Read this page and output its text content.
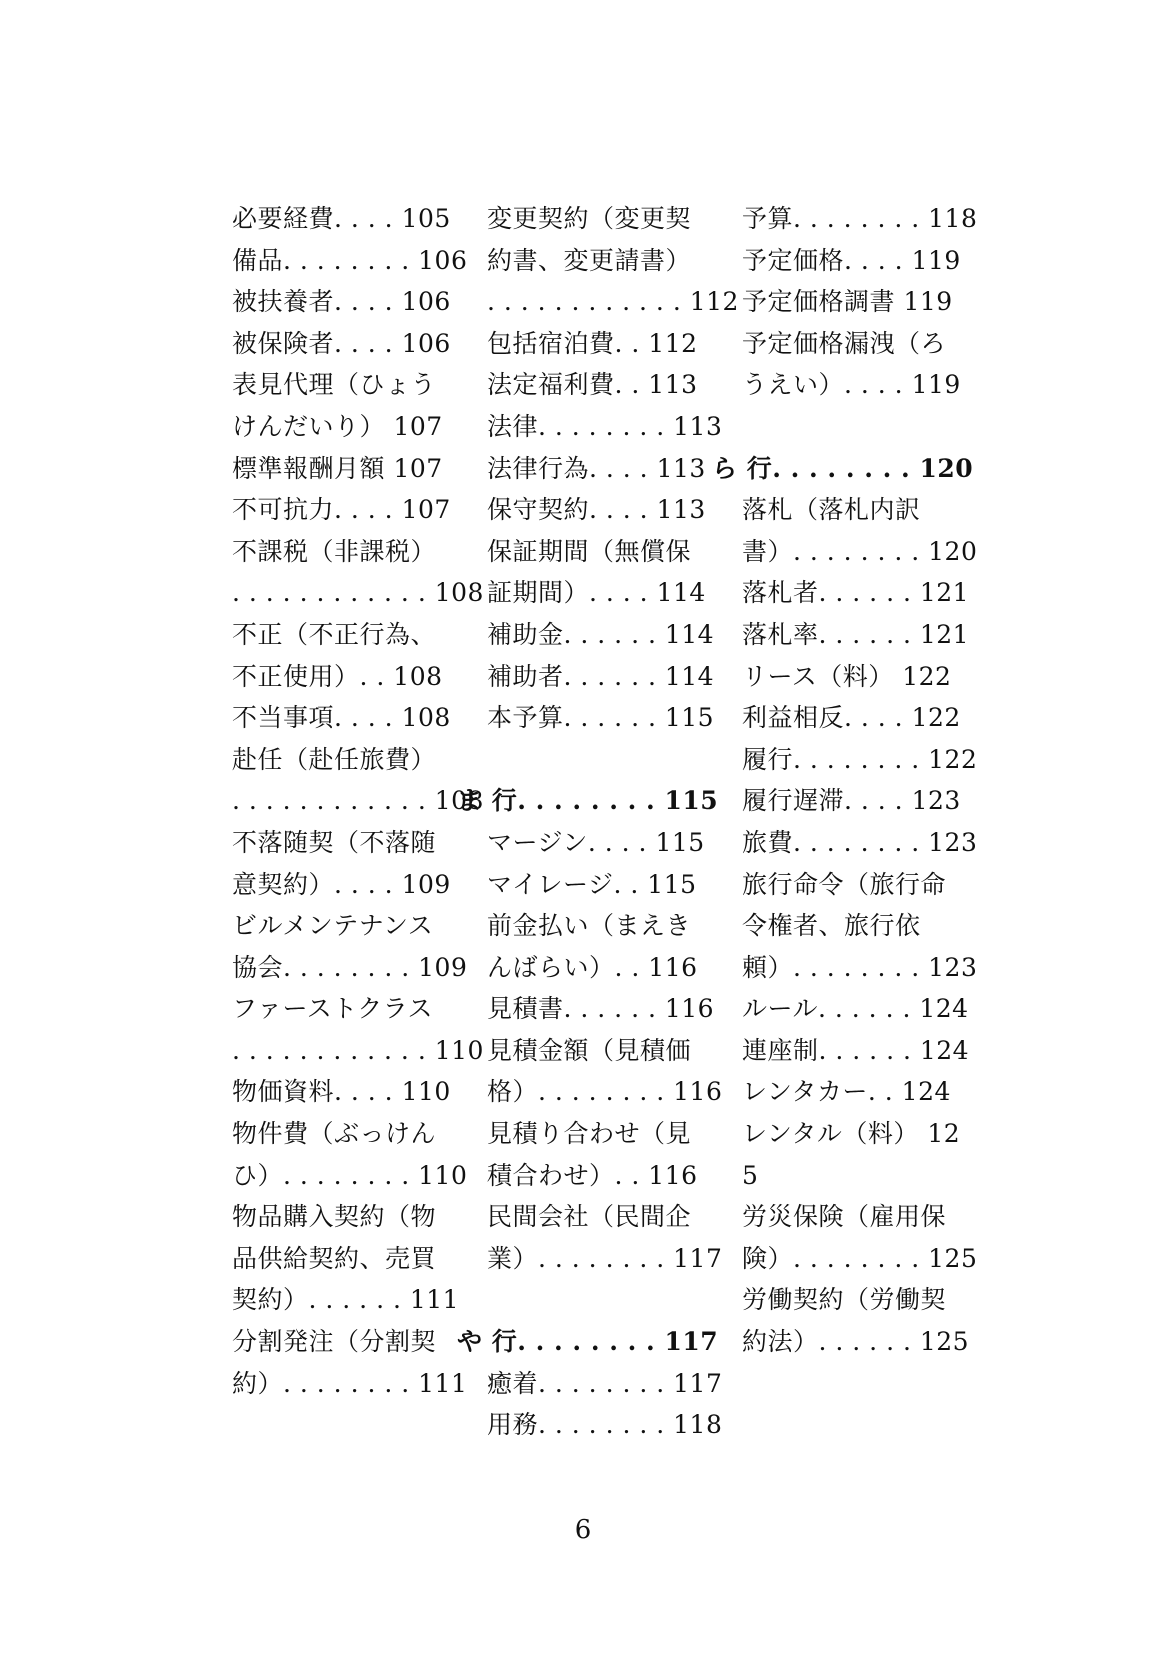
必要経費. . . . 105
備品. . . . . . . . 106
被扶養者. . . . 106
被保険者. . . . 106
表見代理（ひょう
けんだいり） 107
標準報酬月額 107
不可抗力. . . . 107
不課税（非課税）
. . . . . . . . . . . . 108
不正（不正行為、
不正使用）. . 108
不当事項. . . . 108
赴任（赴任旅費）
. . . . . . . . . . . . 108
不落随契（不落随
意契約）. . . . 109
ビルメンテナンス
協会. . . . . . . . 109
ファーストクラス
. . . . . . . . . . . . 110
物価資料. . . . 110
物件費（ぶっけん
ひ）. . . . . . . . 110
物品購入契約（物
品供給契約、売買
契約）. . . . . . 111
分割発注（分割契
約）. . . . . . . . 111
変更契約（変更契
約書、変更請書）
. . . . . . . . . . . . 112
包括宿泊費. . 112
法定福利費. . 113
法律. . . . . . . . 113
法律行為. . . . 113
保守契約. . . . 113
保証期間（無償保
証期間）. . . . 114
補助金. . . . . . 114
補助者. . . . . . 114
本予算. . . . . . 115
ま 行. . . . . . . . 115
マージン. . . . 115
マイレージ. . 115
前金払い（まえき
んばらい）. . 116
見積書. . . . . . 116
見積金額（見積価
格）. . . . . . . . 116
見積り合わせ（見
積合わせ）. . 116
民間会社（民間企
業）. . . . . . . . 117
や 行. . . . . . . . 117
癒着. . . . . . . . 117
用務. . . . . . . . 118
予算. . . . . . . . 118
予定価格. . . . 119
予定価格調書 119
予定価格漏洩（ろ
うえい）. . . . 119
ら 行. . . . . . . . 120
落札（落札内訳
書）. . . . . . . . 120
落札者. . . . . . 121
落札率. . . . . . 121
リース（料） 122
利益相反. . . . 122
履行. . . . . . . . 122
履行遅滞. . . . 123
旅費. . . . . . . . 123
旅行命令（旅行命
令権者、旅行依
頼）. . . . . . . . 123
ルール. . . . . . 124
連座制. . . . . . 124
レンタカー. . 124
レンタル（料） 12
5
労災保険（雇用保
険）. . . . . . . . 125
労働契約（労働契
約法）. . . . . . 125
6
